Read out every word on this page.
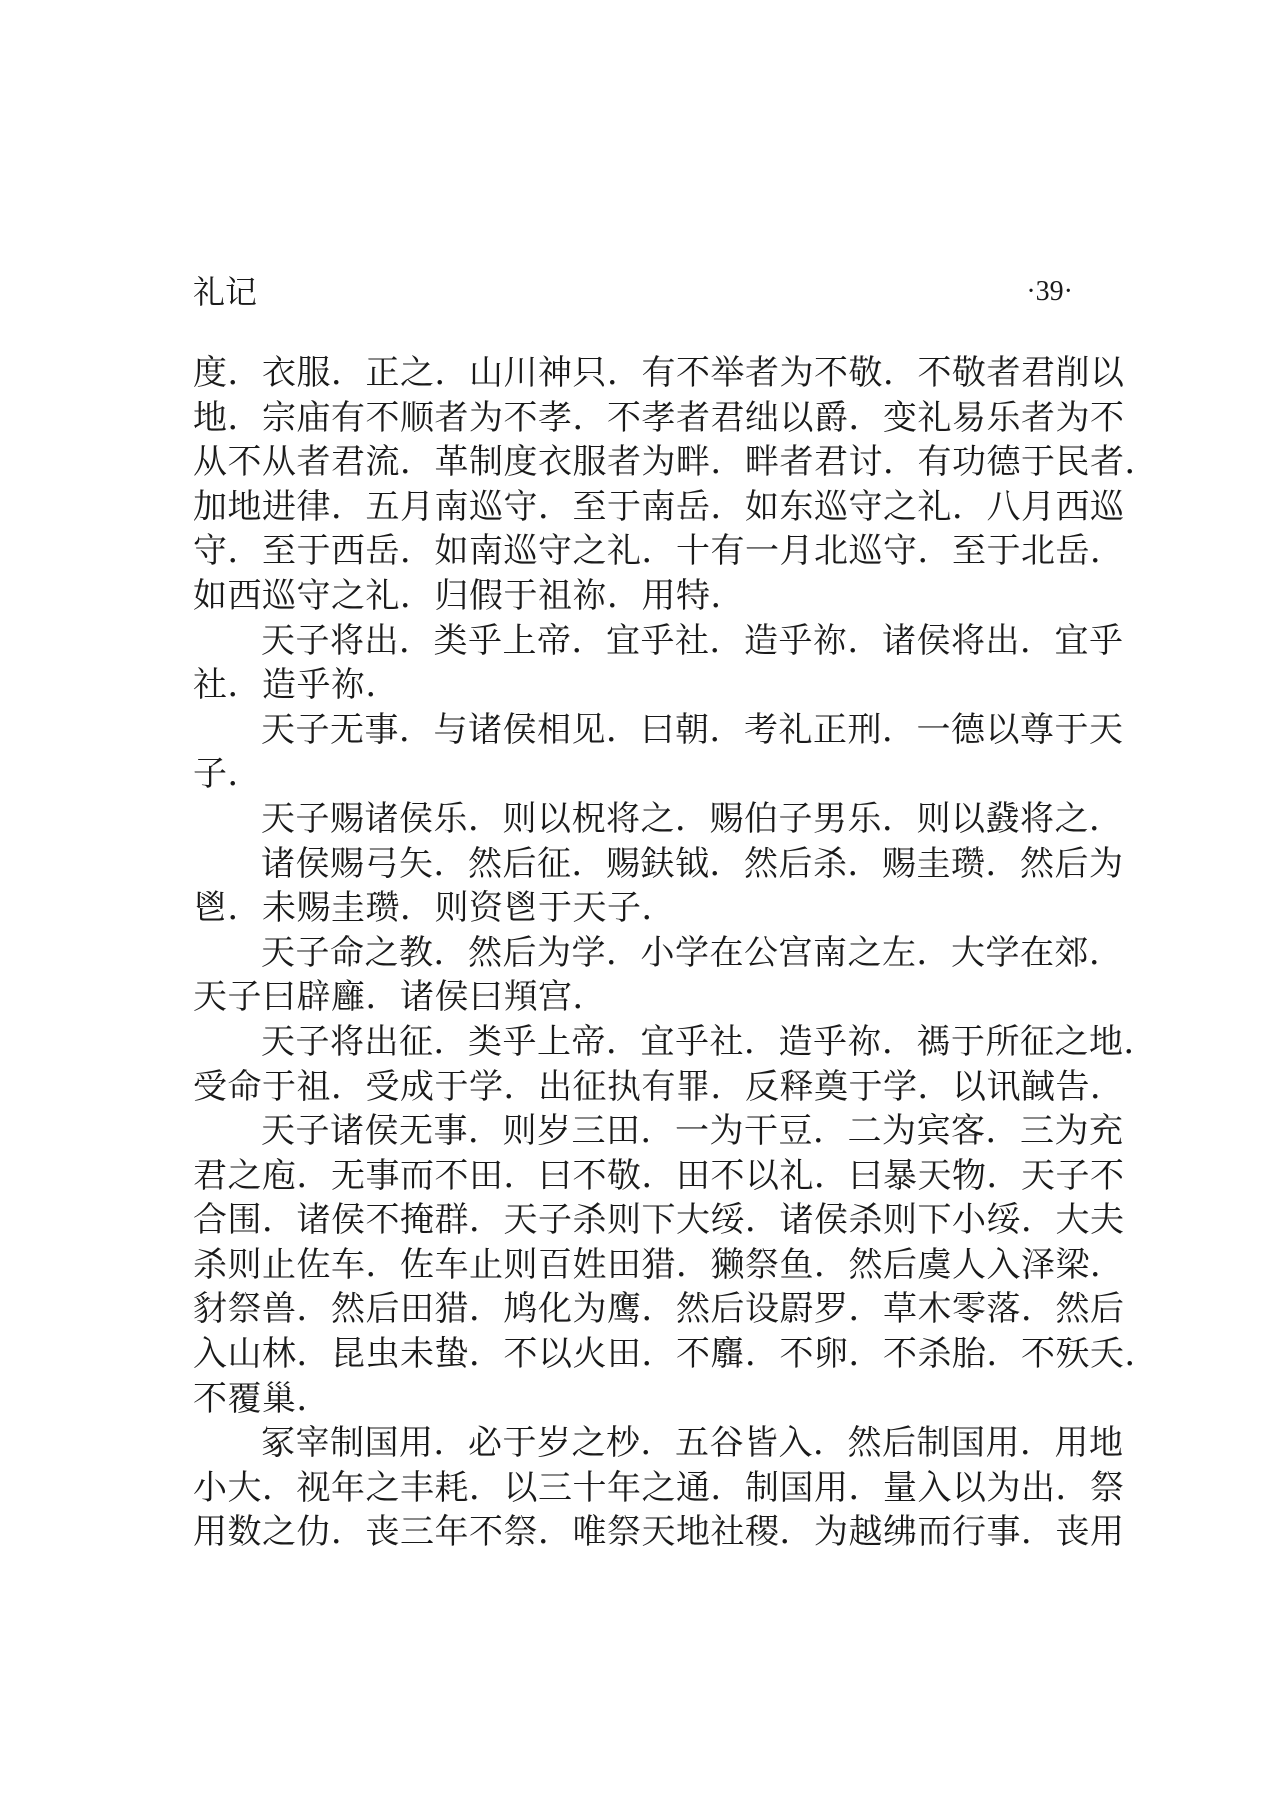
礼记	·39·
度．衣服．正之．山川神只．有不举者为不敬．不敬者君削以
地．宗庙有不顺者为不孝．不孝者君绌以爵．变礼易乐者为不
从不从者君流．革制度衣服者为畔．畔者君讨．有功德于民者．
加地进律．五月南巡守．至于南岳．如东巡守之礼．八月西巡
守．至于西岳．如南巡守之礼．十有一月北巡守．至于北岳．
如西巡守之礼．归假于祖祢．用特．
天子将出．类乎上帝．宜乎社．造乎祢．诸侯将出．宜乎
社．造乎祢．
天子无事．与诸侯相见．曰朝．考礼正刑．一德以尊于天
子．
天子赐诸侯乐．则以柷将之．赐伯子男乐．则以鼗将之．
诸侯赐弓矢．然后征．赐鈇钺．然后杀．赐圭瓒．然后为
鬯．未赐圭瓒．则资鬯于天子．
天子命之教．然后为学．小学在公宫南之左．大学在郊．
天子曰辟廱．诸侯曰頖宫．
天子将出征．类乎上帝．宜乎社．造乎祢．禡于所征之地．
受命于祖．受成于学．出征执有罪．反释奠于学．以讯馘告．
天子诸侯无事．则岁三田．一为干豆．二为宾客．三为充
君之庖．无事而不田．曰不敬．田不以礼．曰暴天物．天子不
合围．诸侯不掩群．天子杀则下大绥．诸侯杀则下小绥．大夫
杀则止佐车．佐车止则百姓田猎．獭祭鱼．然后虞人入泽梁．
豺祭兽．然后田猎．鸠化为鹰．然后设罻罗．草木零落．然后
入山林．昆虫未蛰．不以火田．不麛．不卵．不杀胎．不殀夭．
不覆巢．
冢宰制国用．必于岁之杪．五谷皆入．然后制国用．用地
小大．视年之丰耗．以三十年之通．制国用．量入以为出．祭
用数之仂．丧三年不祭．唯祭天地社稷．为越绋而行事．丧用
